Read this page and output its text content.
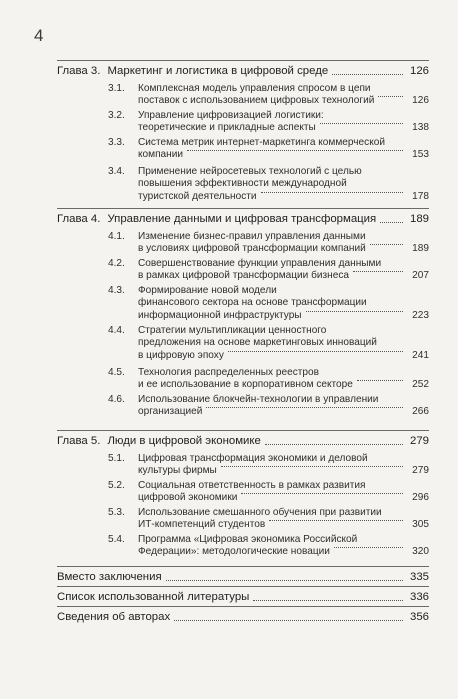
4
Глава 3. Маркетинг и логистика в цифровой среде	126
3.1.	Комплексная модель управления спросом в цепи
поставок с использованием цифровых технологий	126
3.2.	Управление цифровизацией логистики:
теоретические и прикладные аспекты	138
3.3.	Система метрик интернет-маркетинга коммерческой
компании	153
3.4.	Применение нейросетевых технологий с целью
повышения эффективности международной
туристской деятельности	178
Глава 4. Управление данными и цифровая трансформация	189
4.1.	Изменение бизнес-правил управления данными
в условиях цифровой трансформации компаний	189
4.2.	Совершенствование функции управления данными
в рамках цифровой трансформации бизнеса	207
4.3.	Формирование новой модели
финансового сектора на основе трансформации
информационной инфраструктуры	223
4.4.	Стратегии мультипликации ценностного
предложения на основе маркетинговых инноваций
в цифровую эпоху	241
4.5.	Технология распределенных реестров
и ее использование в корпоративном секторе	252
4.6.	Использование блокчейн-технологии в управлении
организацией	266
Глава 5. Люди в цифровой экономике	279
5.1.	Цифровая трансформация экономики и деловой
культуры фирмы	279
5.2.	Социальная ответственность в рамках развития
цифровой экономики	296
5.3.	Использование смешанного обучения при развитии
ИТ-компетенций студентов	305
5.4.	Программа «Цифровая экономика Российской
Федерации»: методологические новации	320
Вместо заключения	335
Список использованной литературы	336
Сведения об авторах	356
